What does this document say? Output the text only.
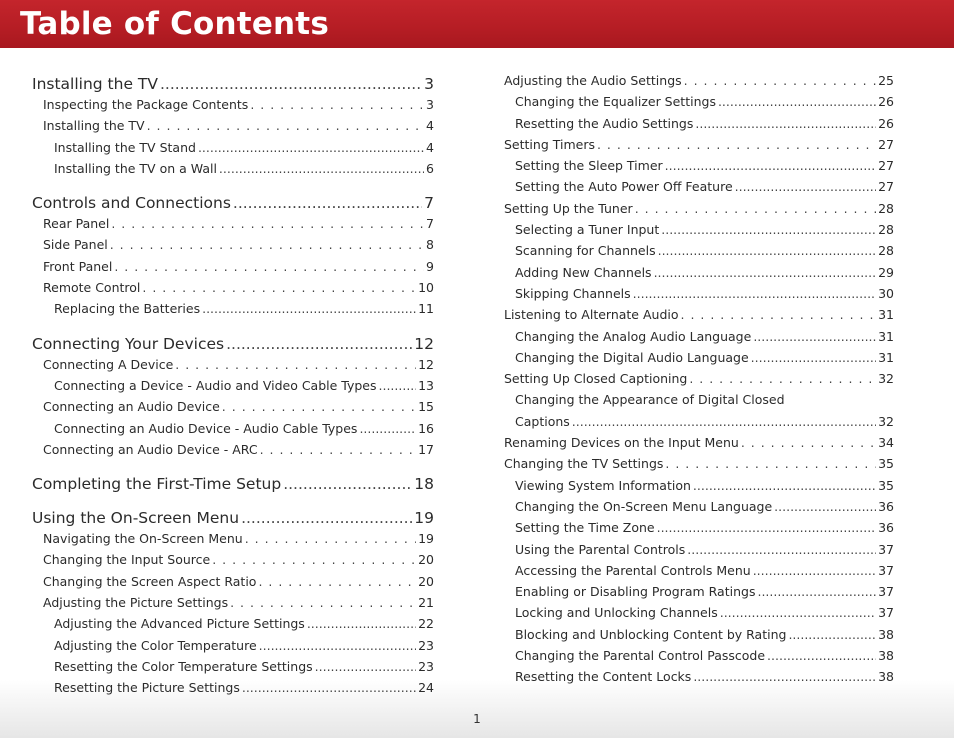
Table of Contents
1
Installing the TV .....	3
Inspecting the Package Contents . . .	3
Installing the TV . . .	4
Installing the TV Stand .....	4
Installing the TV on a Wall .....	6
Controls and Connections .....	7
Rear Panel . . .	7
Side Panel . . .	8
Front Panel . . .	9
Remote Control . . .	10
Replacing the Batteries .....	11
Connecting Your Devices .....	12
Connecting A Device . . .	12
Connecting a Device - Audio and Video Cable Types .....	13
Connecting an Audio Device . . .	15
Connecting an Audio Device - Audio Cable Types .....	16
Connecting an Audio Device - ARC . . .	17
Completing the First-Time Setup .....	18
Using the On-Screen Menu .....	19
Navigating the On-Screen Menu . . .	19
Changing the Input Source . . .	20
Changing the Screen Aspect Ratio . . .	20
Adjusting the Picture Settings . . .	21
Adjusting the Advanced Picture Settings .....	22
Adjusting the Color Temperature .....	23
Resetting the Color Temperature Settings .....	23
Resetting the Picture Settings .....	24
Adjusting the Audio Settings . . .	25
Changing the Equalizer Settings .....	26
Resetting the Audio Settings .....	26
Setting Timers . . .	27
Setting the Sleep Timer .....	27
Setting the Auto Power Off Feature .....	27
Setting Up the Tuner . . .	28
Selecting a Tuner Input .....	28
Scanning for Channels .....	28
Adding New Channels .....	29
Skipping Channels .....	30
Listening to Alternate Audio . . .	31
Changing the Analog Audio Language .....	31
Changing the Digital Audio Language .....	31
Setting Up Closed Captioning . . .	32
Changing the Appearance of Digital Closed
Captions .....	32
Renaming Devices on the Input Menu . . .	34
Changing the TV Settings . . .	35
Viewing System Information .....	35
Changing the On-Screen Menu Language .....	36
Setting the Time Zone .....	36
Using the Parental Controls .....	37
Accessing the Parental Controls Menu .....	37
Enabling or Disabling Program Ratings .....	37
Locking and Unlocking Channels .....	37
Blocking and Unblocking Content by Rating .....	38
Changing the Parental Control Passcode .....	38
Resetting the Content Locks .....	38
